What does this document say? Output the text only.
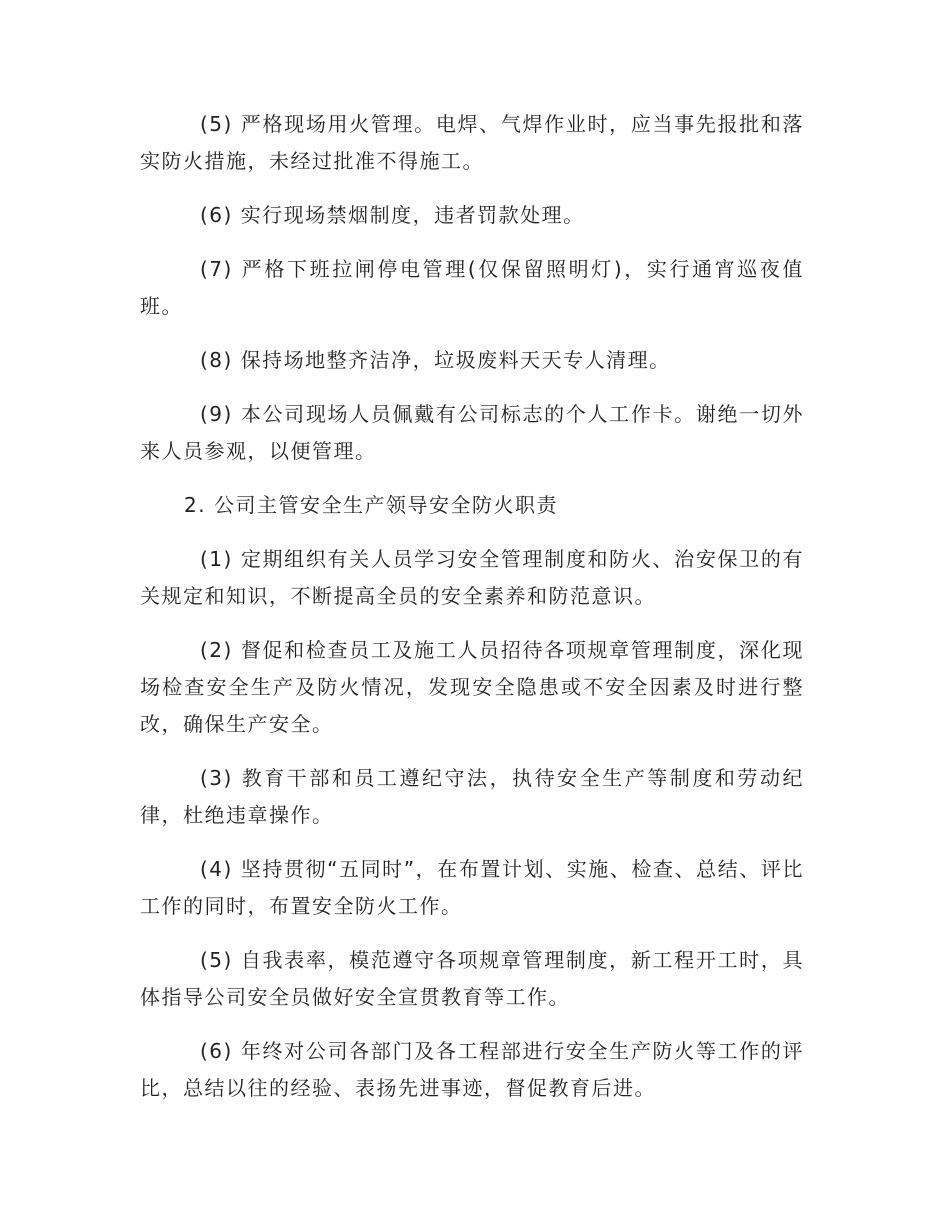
(5) 严格现场用火管理。电焊、气焊作业时，应当事先报批和落实防火措施，未经过批准不得施工。

(6) 实行现场禁烟制度，违者罚款处理。

(7) 严格下班拉闸停电管理(仅保留照明灯)，实行通宵巡夜值班。

(8) 保持场地整齐洁净，垃圾废料天天专人清理。

(9) 本公司现场人员佩戴有公司标志的个人工作卡。谢绝一切外来人员参观，以便管理。

2. 公司主管安全生产领导安全防火职责

(1) 定期组织有关人员学习安全管理制度和防火、治安保卫的有关规定和知识，不断提高全员的安全素养和防范意识。

(2) 督促和检查员工及施工人员招待各项规章管理制度，深化现场检查安全生产及防火情况，发现安全隐患或不安全因素及时进行整改，确保生产安全。

(3) 教育干部和员工遵纪守法，执待安全生产等制度和劳动纪律，杜绝违章操作。

(4) 坚持贯彻“五同时”，在布置计划、实施、检查、总结、评比工作的同时，布置安全防火工作。

(5) 自我表率，模范遵守各项规章管理制度，新工程开工时，具体指导公司安全员做好安全宣贯教育等工作。

(6) 年终对公司各部门及各工程部进行安全生产防火等工作的评比，总结以往的经验、表扬先进事迹，督促教育后进。
